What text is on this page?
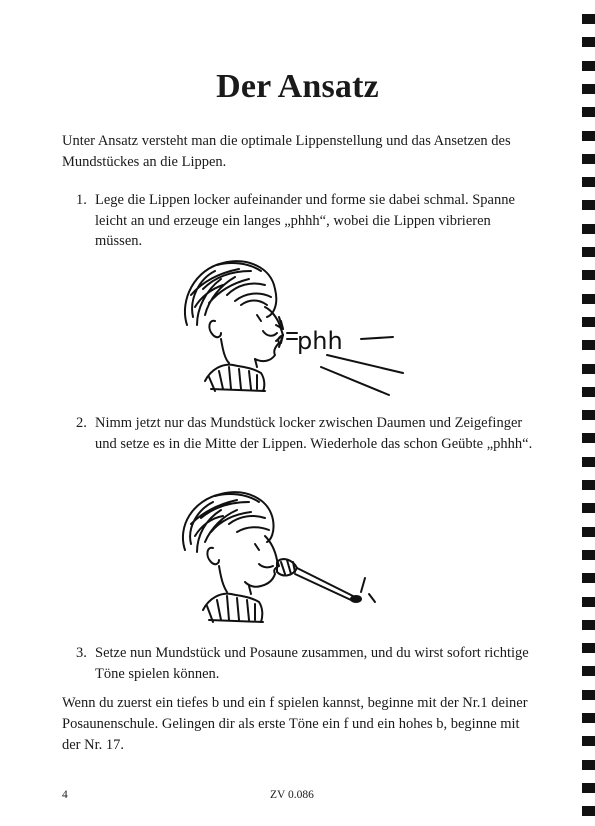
Der Ansatz
Unter Ansatz versteht man die optimale Lippenstellung und das Ansetzen des Mundstückes an die Lippen.
1. Lege die Lippen locker aufeinander und forme sie dabei schmal. Spanne leicht an und erzeuge ein langes „phhh“, wobei die Lippen vibrieren müssen.
phh
2. Nimm jetzt nur das Mundstück locker zwischen Daumen und Zeigefinger und setze es in die Mitte der Lippen. Wiederhole das schon Geübte „phhh“.
3. Setze nun Mundstück und Posaune zusammen, und du wirst sofort richtige Töne spielen können.
Wenn du zuerst ein tiefes b und ein f spielen kannst, beginne mit der Nr.1 deiner Posaunenschule. Gelingen dir als erste Töne ein f und ein hohes b, beginne mit der Nr. 17.
4	ZV 0.086
